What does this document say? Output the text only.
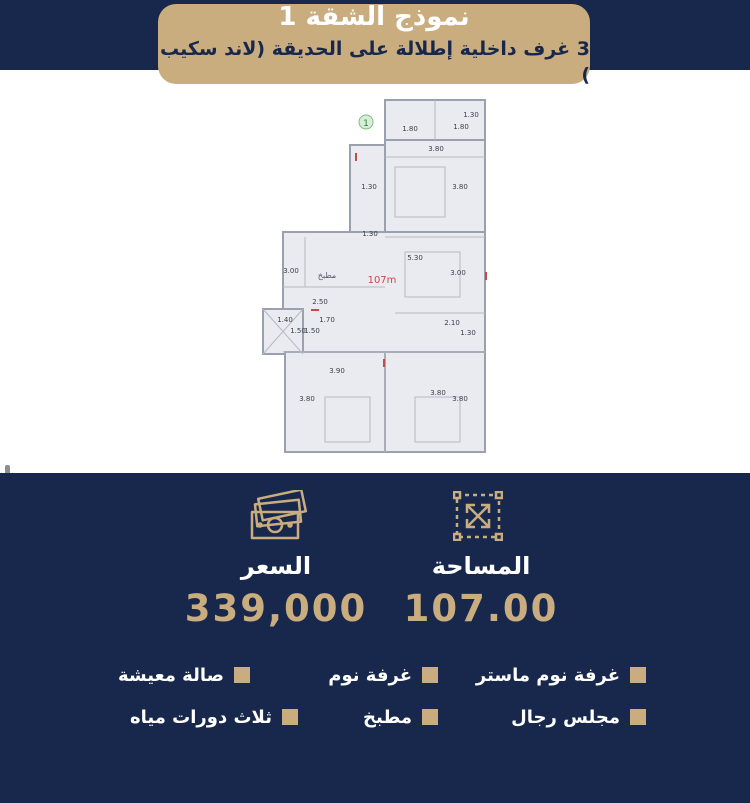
نموذج الشقة 1
3 غرف داخلية إطلالة على الحديقة (لاند سكيب )
1
107m
مطبخ
1.80	1.80
1.30
3.80
1.30	3.80
1.30
5.30
3.00	3.00
2.50
1.40
1.50
1.50
1.70	2.10
1.30
3.90
3.80
3.80
3.80
السعر
339,000
المساحة
107.00
غرفة نوم ماستر
غرفة نوم
صالة معيشة
مجلس رجال
مطبخ
ثلاث دورات مياه
